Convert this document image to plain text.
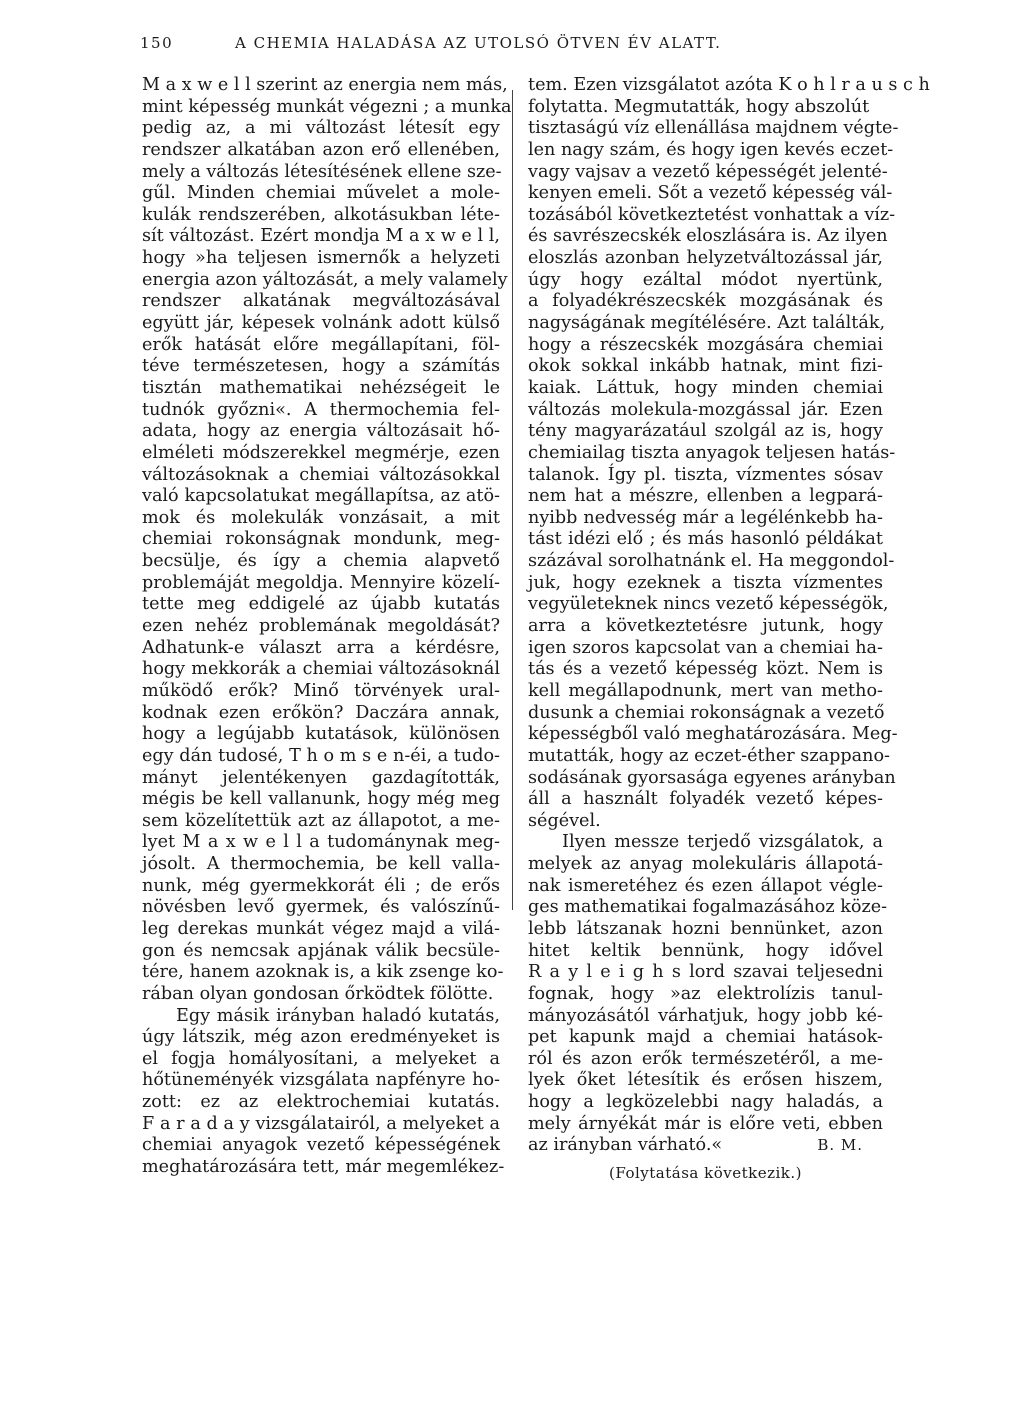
150	A CHEMIA HALADÁSA AZ UTOLSÓ ÖTVEN ÉV ALATT.
M a x w e l l szerint az energia nem más,
mint képesség munkát végezni ; a munka
pedig az, a mi változást létesít egy
rendszer alkatában azon erő ellenében,
mely a változás létesítésének ellene sze-
gűl. Minden chemiai művelet a mole-
kulák rendszerében, alkotásukban léte-
sít változást. Ezért mondja M a x w e l l,
hogy »ha teljesen ismernők a helyzeti
energia azon yáltozását, a mely valamely
rendszer alkatának megváltozásával
együtt jár, képesek volnánk adott külső
erők hatását előre megállapítani, föl-
téve természetesen, hogy a számítás
tisztán mathematikai nehézségeit le
tudnók győzni«. A thermochemia fel-
adata, hogy az energia változásait hő-
elméleti módszerekkel megmérje, ezen
változásoknak a chemiai változásokkal
való kapcsolatukat megállapítsa, az atö-
mok és molekulák vonzásait, a mit
chemiai rokonságnak mondunk, meg-
becsülje, és így a chemia alapvető
problemáját megoldja. Mennyire közelí-
tette meg eddigelé az újabb kutatás
ezen nehéz problemának megoldását?
Adhatunk-e választ arra a kérdésre,
hogy mekkorák a chemiai változásoknál
működő erők? Minő törvények ural-
kodnak ezen erőkön? Daczára annak,
hogy a legújabb kutatások, különösen
egy dán tudosé, T h o m s e n-éi, a tudo-
mányt jelentékenyen gazdagították,
mégis be kell vallanunk, hogy még meg
sem közelítettük azt az állapotot, a me-
lyet M a x w e l l a tudománynak meg-
jósolt. A thermochemia, be kell valla-
nunk, még gyermekkorát éli ; de erős
növésben levő gyermek, és valószínű-
leg derekas munkát végez majd a vilá-
gon és nemcsak apjának válik becsüle-
tére, hanem azoknak is, a kik zsenge ko-
rában olyan gondosan őrködtek fölötte.
Egy másik irányban haladó kutatás,
úgy látszik, még azon eredményeket is
el fogja homályosítani, a melyeket a
hőtüneményék vizsgálata napfényre ho-
zott: ez az elektrochemiai kutatás.
F a r a d a y vizsgálatairól, a melyeket a
chemiai anyagok vezető képességének
meghatározására tett, már megemlékez-
tem. Ezen vizsgálatot azóta K o h l r a u s c h
folytatta. Megmutatták, hogy abszolút
tisztaságú víz ellenállása majdnem végte-
len nagy szám, és hogy igen kevés eczet-
vagy vajsav a vezető képességét jelenté-
kenyen emeli. Sőt a vezető képesség vál-
tozásából következtetést vonhattak a víz-
és savrészecskék eloszlására is. Az ilyen
eloszlás azonban helyzetváltozással jár,
úgy hogy ezáltal módot nyertünk,
a folyadékrészecskék mozgásának és
nagyságának megítélésére. Azt találták,
hogy a részecskék mozgására chemiai
okok sokkal inkább hatnak, mint fizi-
kaiak. Láttuk, hogy minden chemiai
változás molekula-mozgással jár. Ezen
tény magyarázatául szolgál az is, hogy
chemiailag tiszta anyagok teljesen hatás-
talanok. Így pl. tiszta, vízmentes sósav
nem hat a mészre, ellenben a legpará-
nyibb nedvesség már a legélénkebb ha-
tást idézi elő ; és más hasonló példákat
százával sorolhatnánk el. Ha meggondol-
juk, hogy ezeknek a tiszta vízmentes
vegyületeknek nincs vezető képességök,
arra a következtetésre jutunk, hogy
igen szoros kapcsolat van a chemiai ha-
tás és a vezető képesség közt. Nem is
kell megállapodnunk, mert van metho-
dusunk a chemiai rokonságnak a vezető
képességből való meghatározására. Meg-
mutatták, hogy az eczet-éther szappano-
sodásának gyorsasága egyenes arányban
áll a használt folyadék vezető képes-
ségével.
Ilyen messze terjedő vizsgálatok, a
melyek az anyag molekuláris állapotá-
nak ismeretéhez és ezen állapot végle-
ges mathematikai fogalmazásához köze-
lebb látszanak hozni bennünket, azon
hitet keltik bennünk, hogy idővel
R a y l e i g h s lord szavai teljesedni
fognak, hogy »az elektrolízis tanul-
mányozásától várhatjuk, hogy jobb ké-
pet kapunk majd a chemiai hatások-
ról és azon erők természetéről, a me-
lyek őket létesítik és erősen hiszem,
hogy a legközelebbi nagy haladás, a
mely árnyékát már is előre veti, ebben
az irányban várható.«	B. M.
(Folytatása következik.)
